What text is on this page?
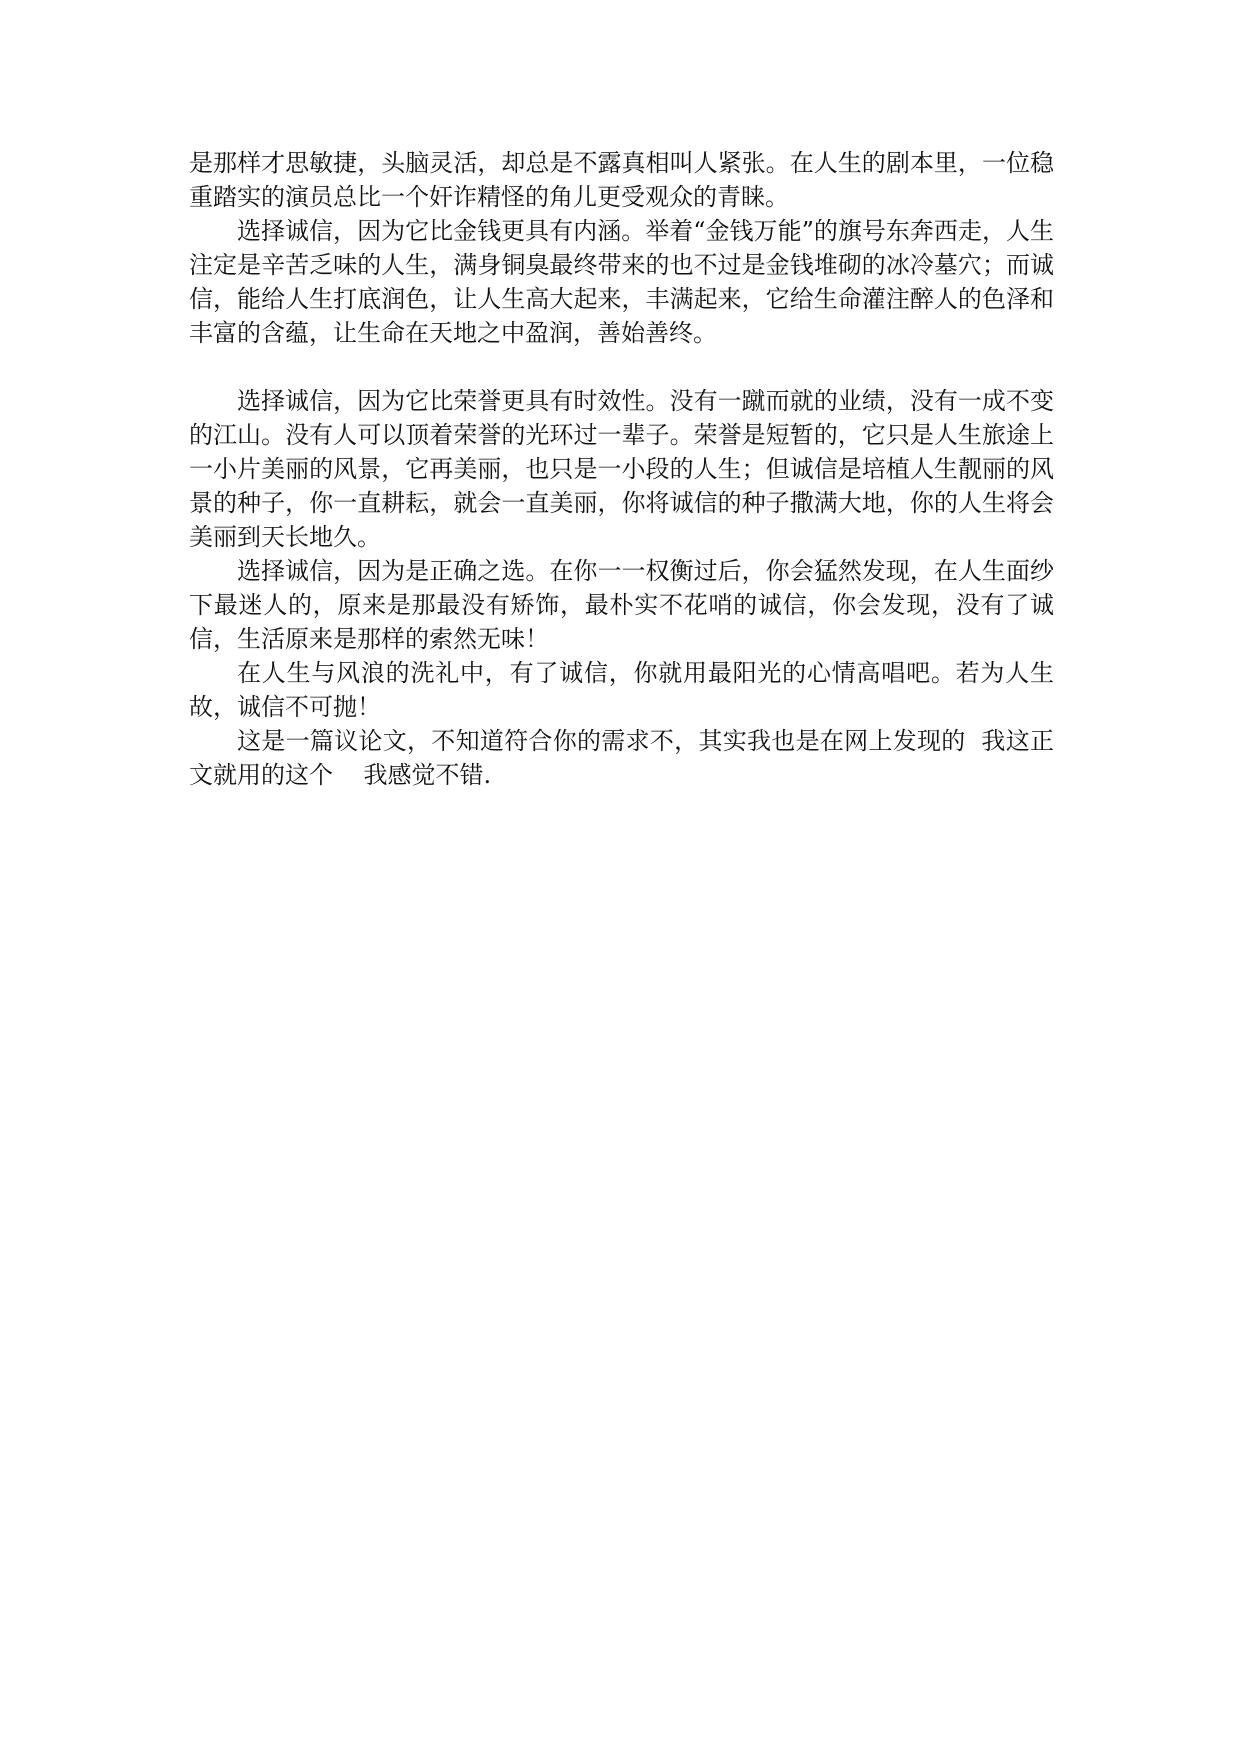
是那样才思敏捷，头脑灵活，却总是不露真相叫人紧张。在人生的剧本里，一位稳重踏实的演员总比一个奸诈精怪的角儿更受观众的青睐。

选择诚信，因为它比金钱更具有内涵。举着“金钱万能”的旗号东奔西走，人生注定是辛苦乏味的人生，满身铜臭最终带来的也不过是金钱堆砌的冰冷墓穴；而诚信，能给人生打底润色，让人生高大起来，丰满起来，它给生命灌注醉人的色泽和丰富的含蕴，让生命在天地之中盈润，善始善终。

选择诚信，因为它比荣誉更具有时效性。没有一蹴而就的业绩，没有一成不变的江山。没有人可以顶着荣誉的光环过一辈子。荣誉是短暂的，它只是人生旅途上一小片美丽的风景，它再美丽，也只是一小段的人生；但诚信是培植人生靓丽的风景的种子，你一直耕耘，就会一直美丽，你将诚信的种子撒满大地，你的人生将会美丽到天长地久。

选择诚信，因为是正确之选。在你一一权衡过后，你会猛然发现，在人生面纱下最迷人的，原来是那最没有矫饰，最朴实不花哨的诚信，你会发现，没有了诚信，生活原来是那样的索然无味！

在人生与风浪的洗礼中，有了诚信，你就用最阳光的心情高唱吧。若为人生故，诚信不可抛！

这是一篇议论文，不知道符合你的需求不，其实我也是在网上发现的  我这正文就用的这个    我感觉不错.
